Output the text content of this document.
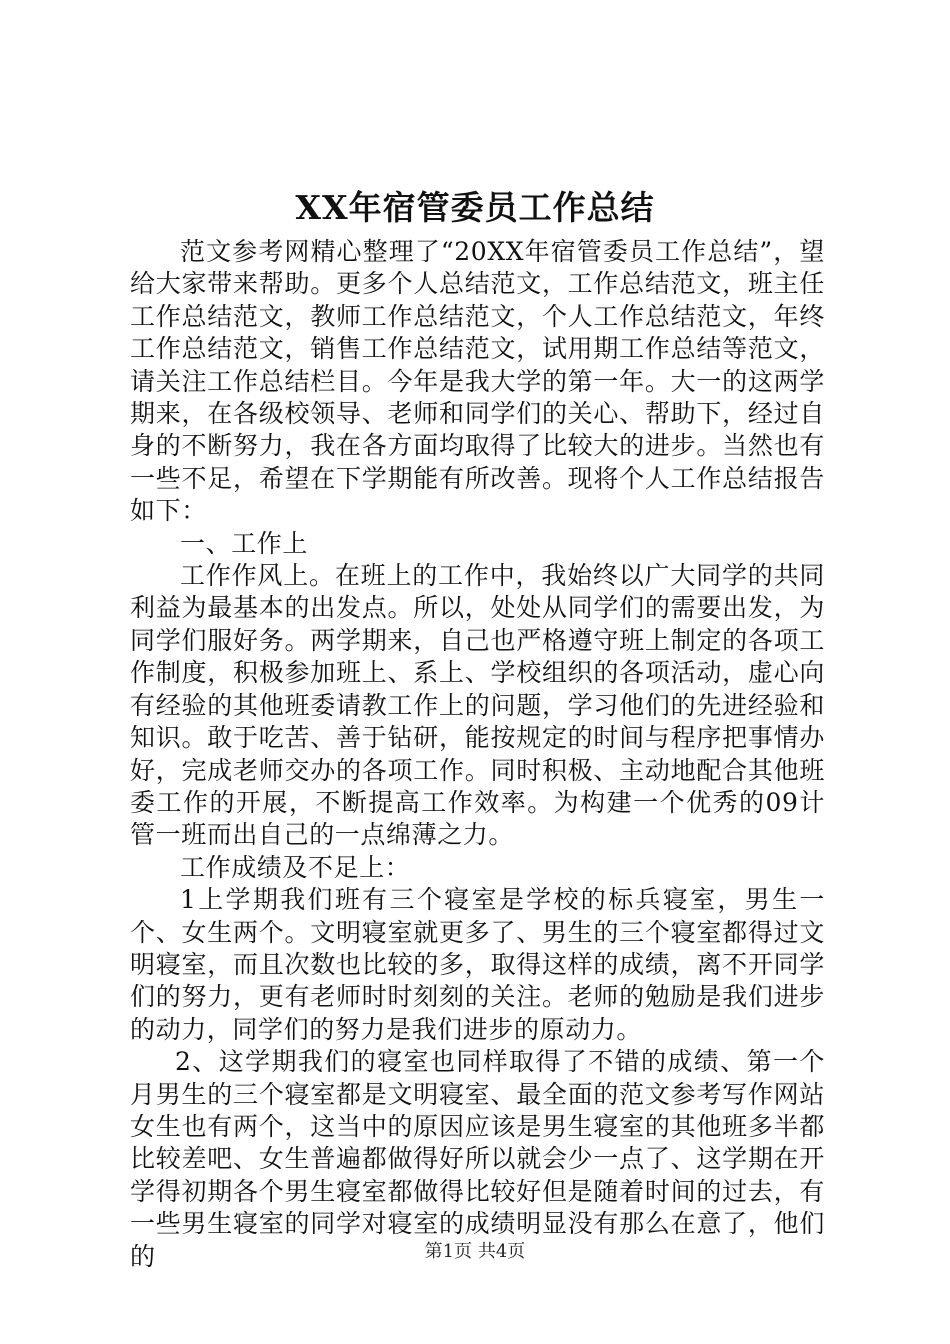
XX年宿管委员工作总结

范文参考网精心整理了“20XX年宿管委员工作总结”，望给大家带来帮助。更多个人总结范文，工作总结范文，班主任工作总结范文，教师工作总结范文，个人工作总结范文，年终工作总结范文，销售工作总结范文，试用期工作总结等范文，请关注工作总结栏目。今年是我大学的第一年。大一的这两学期来，在各级校领导、老师和同学们的关心、帮助下，经过自身的不断努力，我在各方面均取得了比较大的进步。当然也有一些不足，希望在下学期能有所改善。现将个人工作总结报告如下：

一、工作上

工作作风上。在班上的工作中，我始终以广大同学的共同利益为最基本的出发点。所以，处处从同学们的需要出发，为同学们服好务。两学期来，自己也严格遵守班上制定的各项工作制度，积极参加班上、系上、学校组织的各项活动，虚心向有经验的其他班委请教工作上的问题，学习他们的先进经验和知识。敢于吃苦、善于钻研，能按规定的时间与程序把事情办好，完成老师交办的各项工作。同时积极、主动地配合其他班委工作的开展，不断提高工作效率。为构建一个优秀的09计管一班而出自己的一点绵薄之力。

工作成绩及不足上：

1上学期我们班有三个寝室是学校的标兵寝室，男生一个、女生两个。文明寝室就更多了、男生的三个寝室都得过文明寝室，而且次数也比较的多，取得这样的成绩，离不开同学们的努力，更有老师时时刻刻的关注。老师的勉励是我们进步的动力，同学们的努力是我们进步的原动力。

2、这学期我们的寝室也同样取得了不错的成绩、第一个月男生的三个寝室都是文明寝室、最全面的范文参考写作网站女生也有两个，这当中的原因应该是男生寝室的其他班多半都比较差吧、女生普遍都做得好所以就会少一点了、这学期在开学得初期各个男生寝室都做得比较好但是随着时间的过去，有一些男生寝室的同学对寝室的成绩明显没有那么在意了，他们的	第1页 共4页
